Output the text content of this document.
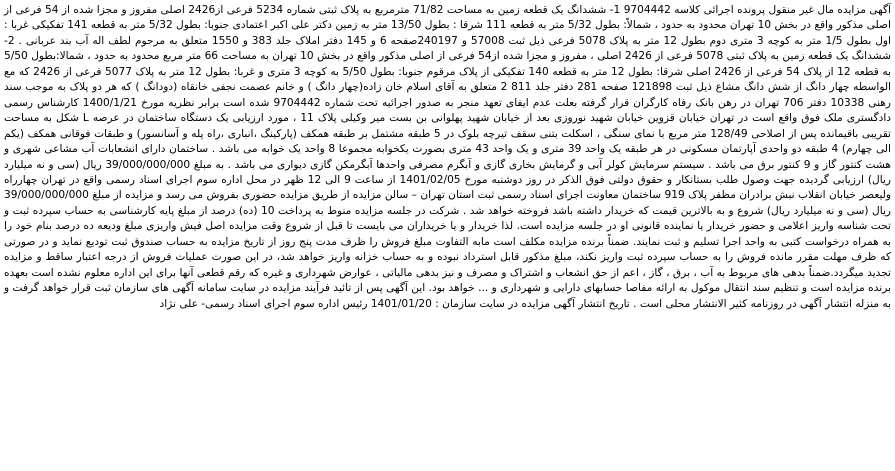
آگهی مزایده مال غیر منقول پرونده اجرائی کلاسه 9704442 1- ششدانگ یک قطعه زمین به مساحت 71/82 مترمربع به پلاک ثبتی شماره 5234 فرعی از2426 اصلی مفروز و مجزا شده از 54 فرعی از اصلی مذکور واقع در بخش 10 تهران محدود به حدود ، شمالاً: بطول 5/32 متر به قطعه 111 شرقا : بطول 13/50 متر به زمین دکتر علی اکبر اعتمادی جنوبا: بطول 5/32 متر به قطعه 141 تفکیکی غربا : اول بطول 1/5 متر به کوچه 3 متری دوم بطول 12 متر به پلاک 5078 فرعی ذیل ثبت 57008 و 240197صفحه 6 و 145 دفتر املاک جلد 383 و 1550 متعلق به مرحوم لطف اله آب بند عربانی . 2- ششدانگ یک قطعه زمین به پلاک ثبتی 5078 فرعی از 2426 اصلی ، مفروز و مجزا شده از54 فرعی از اصلی مذکور واقع در بخش 10 تهران به مساحت 66 متر مربع محدود به حدود ، شمالا:بطول 5/50 به قطعه 12 از پلاک 54 فرعی از 2426 اصلی شرقا: بطول 12 متر به قطعه 140 تفکیکی از پلاک مرقوم جنوبا: بطول 5/50 به کوچه 3 متری و غربا: بطول 12 متر به پلاک 5077 فرعی از 2426 که مع الواسطه چهار دانگ از شش دانگ مشاع ذیل ثبت 121898 صفحه 281 دفتر جلد 811 2 متعلق به آقای اسلام خان زاده(چهار دانگ ) و خانم عصمت نجفی خانقاه (دودانگ ) که هر دو پلاک به موجب سند رهنی 10338 دفتر 706 تهران در رهن بانک رفاه کارگران قرار گرفته بعلت عدم ایفای تعهد منجر به صدور اجرائیه تحت شماره 9704442 شده است برابر نظریه مورخ 1400/1/21 کارشناس رسمی دادگستری ملک فوق واقع است در تهران خیابان قزوین خیابان شهید نوروزی بعد از خیابان شهید پهلوانی بن بست میر وکیلی پلاک 11 ، مورد ارزیابی یک دستگاه ساختمان در عرصه L شکل به مساحت تقریبی باقیمانده پس از اصلاحی 128/49 متر مربع با نمای سنگی ، اسکلت بتنی سقف تیرچه بلوک در 5 طبقه مشتمل بر طبقه همکف (پارکینگ ،انباری ،راه پله و آسانسور) و طبقات فوقانی همکف (یکم الی چهارم) 4 طبقه دو واحدی آپارتمان مسکونی در هر طبقه یک واحد 39 متری و یک واحد 43 متری بصورت یکخوابه مجموعا 8 واحد یک خوابه می باشد . ساختمان دارای انشعابات آب مشاعی شهری و هشت کنتور گاز و 9 کنتور برق می باشد . سیستم سرمایش کولر آبی و گرمایش بخاری گازی و آبگرم مصرفی واحدها آبگرمکن گازی دیواری می باشد . به مبلغ 39/000/000/000 ریال (سی و نه میلیارد ریال) ارزیابی گردیده جهت وصول طلب بستانکار و حقوق دولتی فوق الذکر در روز دوشنبه مورخ 1401/02/05 از ساعت 9 الی 12 ظهر در محل اداره سوم اجرای اسناد رسمی واقع در تهران چهارراه ولیعصر خیابان انقلاب نبش برادران مظفر پلاک 919 ساختمان معاونت اجرای اسناد رسمی ثبت استان تهران – سالن مزایده از طریق مزایده حضوری بفروش می رسد و مزایده از مبلغ 39/000/000/000 ریال (سی و نه میلیارد ریال) شروع و به بالاترین قیمت که خریدار داشته باشد فروخته خواهد شد . شرکت در جلسه مزایده منوط به پرداخت 10 (ده) درصد از مبلغ پایه کارشناسی به حساب سپرده ثبت و تحت شناسه واریز اعلامی و حضور خریدار یا نماینده قانونی او در جلسه مزایده است. لذا خریدار و یا خریداران می بایست تا قبل از شروع وقت مزایده اصل فیش واریزی مبلغ ودیعه ده درصد بنام خود را به همراه درخواست کتبی به واحد اجرا تسلیم و ثبت نمایند. ضمناً برنده مزایده مکلف است مابه التفاوت مبلغ فروش را ظرف مدت پنج روز از تاریخ مزایده به حساب صندوق ثبت تودیع نماید و در صورتی که ظرف مهلت مقرر مانده فروش را به حساب سپرده ثبت واریز نکند، مبلغ مذکور قابل استرداد نبوده و به حساب خزانه واریز خواهد شد، در این صورت عملیات فروش از درجه اعتبار ساقط و مزایده تجدید میگردد.ضمناً بدهی های مربوط به آب ، برق ، گاز ، اعم از حق انشعاب و اشتراک و مصرف و نیز بدهی مالیاتی ، عوارض شهرداری و غیره که رقم قطعی آنها برای این اداره معلوم نشده است بعهده برنده مزایده است و تنظیم سند انتقال موکول به ارائه مفاصا حسابهای دارایی و شهرداری و ... خواهد بود. این آگهی پس از تائید فرآیند مزایده در سایت سامانه آگهی های سازمان ثبت قرار خواهد گرفت و به منزله انتشار آگهی در روزنامه کثیر الانتشار محلی است . تاریخ انتشار آگهی مزایده در سایت سازمان : 1401/01/20 رئیس اداره سوم اجرای اسناد رسمی- علی نژاد
